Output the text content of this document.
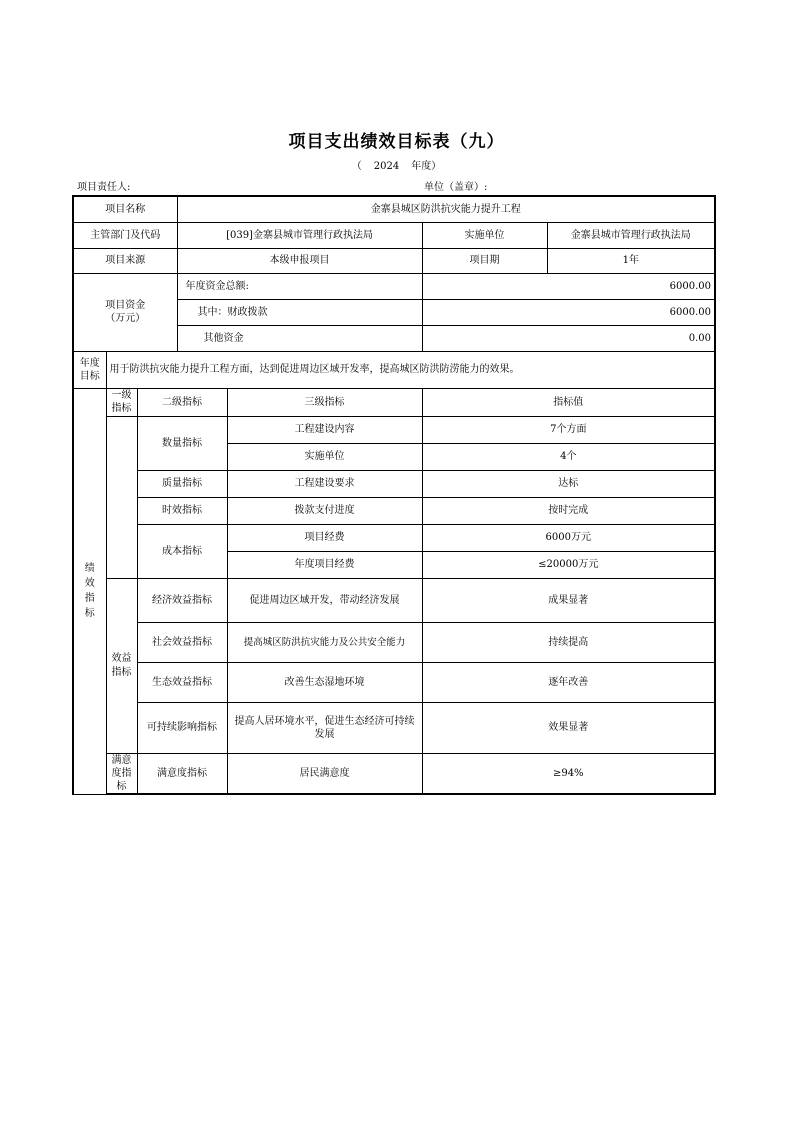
项目支出绩效目标表（九）
（ 2024 年度）
项目责任人:	单位（盖章）:
项目名称			金寨县城区防洪抗灾能力提升工程			
主管部门及代码			[039]金寨县城市管理行政执法局		实施单位	金寨县城市管理行政执法局
项目来源			本级申报项目		项目期	1年

项目资金
（万元）			年度资金总额:		6000.00	
			其中：财政拨款		6000.00	
			其他资金		0.00	

年度
目标	用于防洪抗灾能力提升工程方面，达到促进周边区域开发率，提高城区防洪防涝能力的效果。					
绩效指标	一级指标	二级指标		三级指标	指标值	
		数量指标		工程建设内容	7个方面	
				实施单位	4个	
		质量指标		工程建设要求	达标	
		时效指标		拨款支付进度	按时完成	
		成本指标		项目经费	6000万元	
				年度项目经费	≤20000万元	
	效益指标	经济效益指标		促进周边区域开发，带动经济发展	成果显著	
		社会效益指标		提高城区防洪抗灾能力及公共安全能力	持续提高	
		生态效益指标		改善生态湿地环境	逐年改善	
		可持续影响指标		提高人居环境水平，促进生态经济可持续发展	效果显著	
	满意度指标	满意度指标		居民满意度	≥94%	
